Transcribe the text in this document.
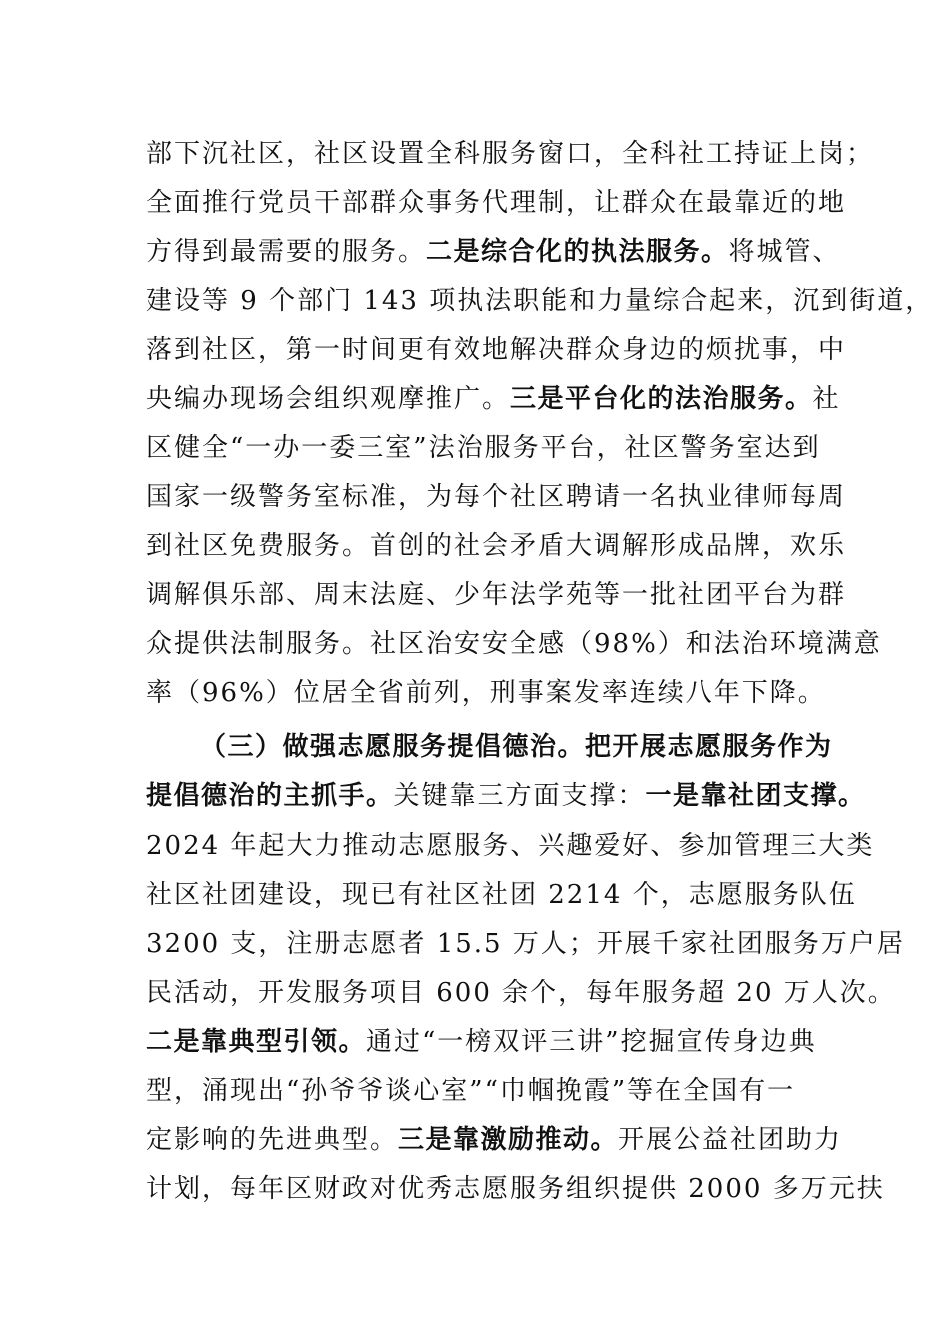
部下沉社区，社区设置全科服务窗口，全科社工持证上岗；
全面推行党员干部群众事务代理制，让群众在最靠近的地
方得到最需要的服务。二是综合化的执法服务。将城管、
建设等 9 个部门 143 项执法职能和力量综合起来，沉到街道，
落到社区，第一时间更有效地解决群众身边的烦扰事，中
央编办现场会组织观摩推广。三是平台化的法治服务。社
区健全“一办一委三室”法治服务平台，社区警务室达到
国家一级警务室标准，为每个社区聘请一名执业律师每周
到社区免费服务。首创的社会矛盾大调解形成品牌，欢乐
调解俱乐部、周末法庭、少年法学苑等一批社团平台为群
众提供法制服务。社区治安安全感（98%）和法治环境满意
率（96%）位居全省前列，刑事案发率连续八年下降。
（三）做强志愿服务提倡德治。把开展志愿服务作为
提倡德治的主抓手。关键靠三方面支撑：一是靠社团支撑。
2024 年起大力推动志愿服务、兴趣爱好、参加管理三大类
社区社团建设，现已有社区社团 2214 个，志愿服务队伍
3200 支，注册志愿者 15.5 万人；开展千家社团服务万户居
民活动，开发服务项目 600 余个，每年服务超 20 万人次。
二是靠典型引领。通过“一榜双评三讲”挖掘宣传身边典
型，涌现出“孙爷爷谈心室”“巾帼挽霞”等在全国有一
定影响的先进典型。三是靠激励推动。开展公益社团助力
计划，每年区财政对优秀志愿服务组织提供 2000 多万元扶
